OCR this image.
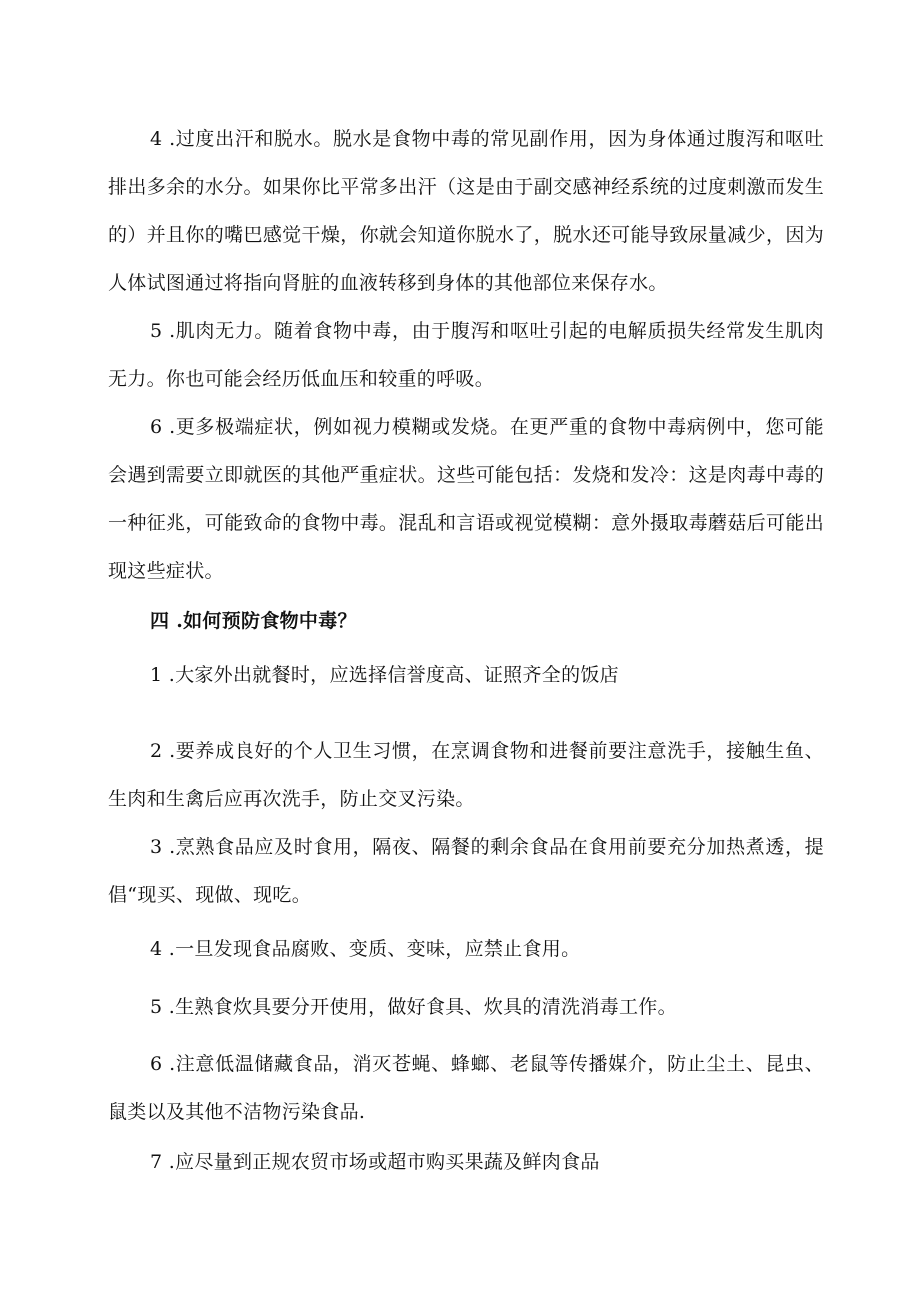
4 .过度出汗和脱水。脱水是食物中毒的常见副作用，因为身体通过腹泻和呕吐排出多余的水分。如果你比平常多出汗（这是由于副交感神经系统的过度刺激而发生的）并且你的嘴巴感觉干燥，你就会知道你脱水了，脱水还可能导致尿量减少，因为人体试图通过将指向肾脏的血液转移到身体的其他部位来保存水。

5 .肌肉无力。随着食物中毒，由于腹泻和呕吐引起的电解质损失经常发生肌肉无力。你也可能会经历低血压和较重的呼吸。

6 .更多极端症状，例如视力模糊或发烧。在更严重的食物中毒病例中，您可能会遇到需要立即就医的其他严重症状。这些可能包括：发烧和发冷：这是肉毒中毒的一种征兆，可能致命的食物中毒。混乱和言语或视觉模糊：意外摄取毒蘑菇后可能出现这些症状。

四 .如何预防食物中毒？

1 .大家外出就餐时，应选择信誉度高、证照齐全的饭店

2 .要养成良好的个人卫生习惯，在烹调食物和进餐前要注意洗手，接触生鱼、生肉和生禽后应再次洗手，防止交叉污染。

3 .烹熟食品应及时食用，隔夜、隔餐的剩余食品在食用前要充分加热煮透，提倡“现买、现做、现吃。

4 .一旦发现食品腐败、变质、变味，应禁止食用。

5 .生熟食炊具要分开使用，做好食具、炊具的清洗消毒工作。

6 .注意低温储藏食品，消灭苍蝇、蜂螂、老鼠等传播媒介，防止尘土、昆虫、鼠类以及其他不洁物污染食品.

7 .应尽量到正规农贸市场或超市购买果蔬及鲜肉食品
